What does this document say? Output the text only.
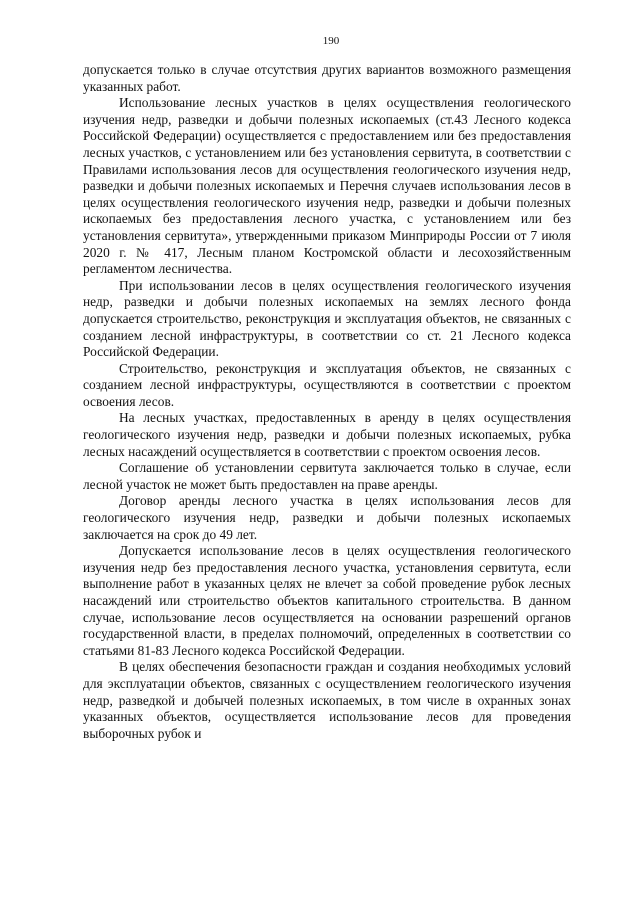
190

допускается только в случае отсутствия других вариантов возможного размещения указанных работ.

Использование лесных участков в целях осуществления геологического изучения недр, разведки и добычи полезных ископаемых (ст.43 Лесного кодекса Российской Федерации) осуществляется с предоставлением или без предоставления лесных участков, с установлением или без установления сервитута, в соответствии с Правилами использования лесов для осуществления геологического изучения недр, разведки и добычи полезных ископаемых и Перечня случаев использования лесов в целях осуществления геологического изучения недр, разведки и добычи полезных ископаемых без предоставления лесного участка, с установлением или без установления сервитута», утвержденными приказом Минприроды России от 7 июля 2020 г. № 417, Лесным планом Костромской области и лесохозяйственным регламентом лесничества.

При использовании лесов в целях осуществления геологического изучения недр, разведки и добычи полезных ископаемых на землях лесного фонда допускается строительство, реконструкция и эксплуатация объектов, не связанных с созданием лесной инфраструктуры, в соответствии со ст. 21 Лесного кодекса Российской Федерации.

Строительство, реконструкция и эксплуатация объектов, не связанных с созданием лесной инфраструктуры, осуществляются в соответствии с проектом освоения лесов.

На лесных участках, предоставленных в аренду в целях осуществления геологического изучения недр, разведки и добычи полезных ископаемых, рубка лесных насаждений осуществляется в соответствии с проектом освоения лесов.

Соглашение об установлении сервитута заключается только в случае, если лесной участок не может быть предоставлен на праве аренды.

Договор аренды лесного участка в целях использования лесов для геологического изучения недр, разведки и добычи полезных ископаемых заключается на срок до 49 лет.

Допускается использование лесов в целях осуществления геологического изучения недр без предоставления лесного участка, установления сервитута, если выполнение работ в указанных целях не влечет за собой проведение рубок лесных насаждений или строительство объектов капитального строительства. В данном случае, использование лесов осуществляется на основании разрешений органов государственной власти, в пределах полномочий, определенных в соответствии со статьями 81-83 Лесного кодекса Российской Федерации.

В целях обеспечения безопасности граждан и создания необходимых условий для эксплуатации объектов, связанных с осуществлением геологического изучения недр, разведкой и добычей полезных ископаемых, в том числе в охранных зонах указанных объектов, осуществляется использование лесов для проведения выборочных рубок и
